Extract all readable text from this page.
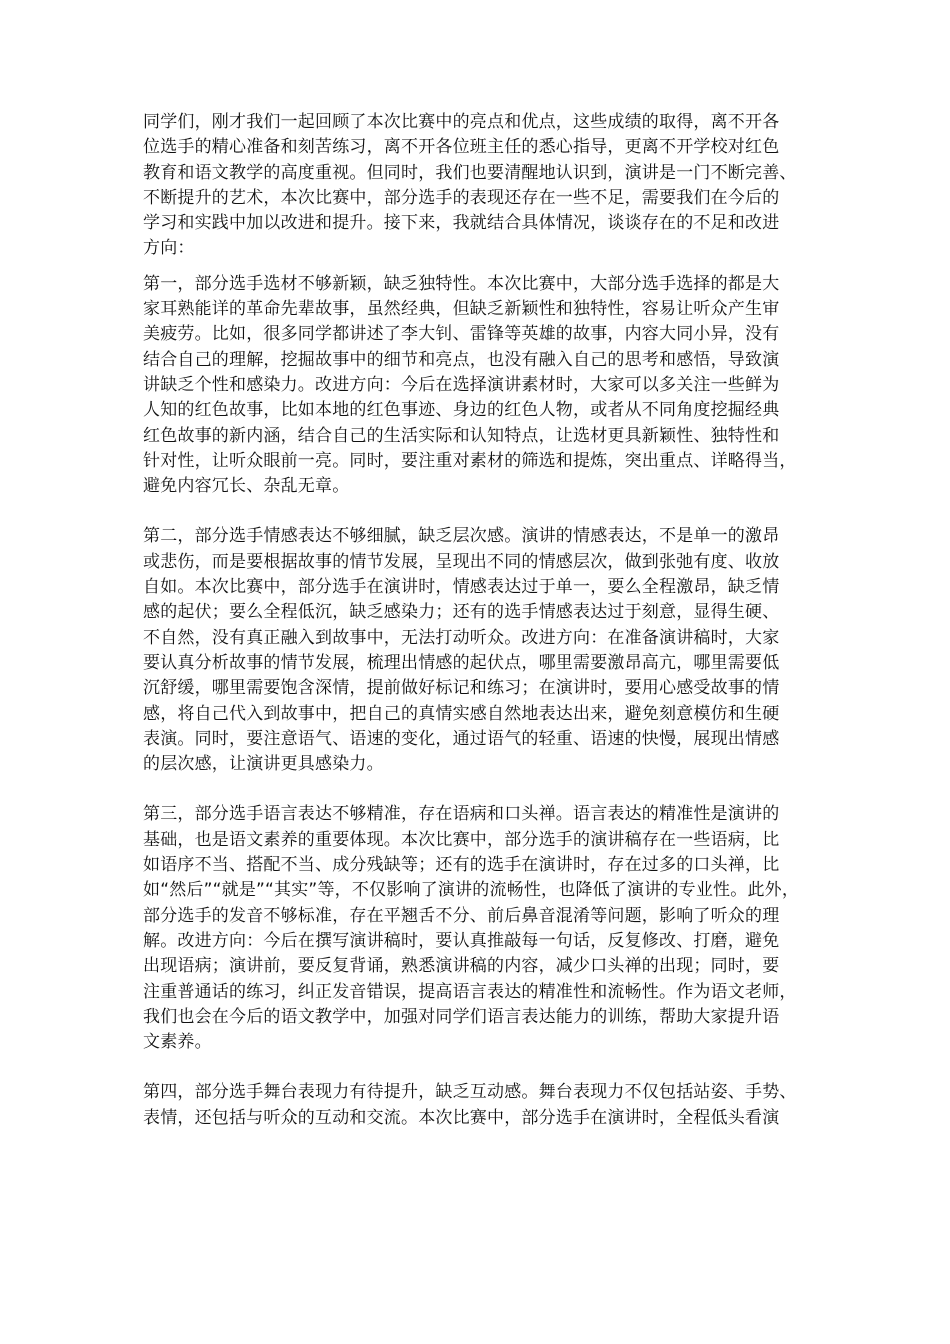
同学们，刚才我们一起回顾了本次比赛中的亮点和优点，这些成绩的取得，离不开各
位选手的精心准备和刻苦练习，离不开各位班主任的悉心指导，更离不开学校对红色
教育和语文教学的高度重视。但同时，我们也要清醒地认识到，演讲是一门不断完善、
不断提升的艺术，本次比赛中，部分选手的表现还存在一些不足，需要我们在今后的
学习和实践中加以改进和提升。接下来，我就结合具体情况，谈谈存在的不足和改进
方向：
第一，部分选手选材不够新颖，缺乏独特性。本次比赛中，大部分选手选择的都是大
家耳熟能详的革命先辈故事，虽然经典，但缺乏新颖性和独特性，容易让听众产生审
美疲劳。比如，很多同学都讲述了李大钊、雷锋等英雄的故事，内容大同小异，没有
结合自己的理解，挖掘故事中的细节和亮点，也没有融入自己的思考和感悟，导致演
讲缺乏个性和感染力。改进方向：今后在选择演讲素材时，大家可以多关注一些鲜为
人知的红色故事，比如本地的红色事迹、身边的红色人物，或者从不同角度挖掘经典
红色故事的新内涵，结合自己的生活实际和认知特点，让选材更具新颖性、独特性和
针对性，让听众眼前一亮。同时，要注重对素材的筛选和提炼，突出重点、详略得当，
避免内容冗长、杂乱无章。
第二，部分选手情感表达不够细腻，缺乏层次感。演讲的情感表达，不是单一的激昂
或悲伤，而是要根据故事的情节发展，呈现出不同的情感层次，做到张弛有度、收放
自如。本次比赛中，部分选手在演讲时，情感表达过于单一，要么全程激昂，缺乏情
感的起伏；要么全程低沉，缺乏感染力；还有的选手情感表达过于刻意，显得生硬、
不自然，没有真正融入到故事中，无法打动听众。改进方向：在准备演讲稿时，大家
要认真分析故事的情节发展，梳理出情感的起伏点，哪里需要激昂高亢，哪里需要低
沉舒缓，哪里需要饱含深情，提前做好标记和练习；在演讲时，要用心感受故事的情
感，将自己代入到故事中，把自己的真情实感自然地表达出来，避免刻意模仿和生硬
表演。同时，要注意语气、语速的变化，通过语气的轻重、语速的快慢，展现出情感
的层次感，让演讲更具感染力。
第三，部分选手语言表达不够精准，存在语病和口头禅。语言表达的精准性是演讲的
基础，也是语文素养的重要体现。本次比赛中，部分选手的演讲稿存在一些语病，比
如语序不当、搭配不当、成分残缺等；还有的选手在演讲时，存在过多的口头禅，比
如“然后”“就是”“其实”等，不仅影响了演讲的流畅性，也降低了演讲的专业性。此外，
部分选手的发音不够标准，存在平翘舌不分、前后鼻音混淆等问题，影响了听众的理
解。改进方向：今后在撰写演讲稿时，要认真推敲每一句话，反复修改、打磨，避免
出现语病；演讲前，要反复背诵，熟悉演讲稿的内容，减少口头禅的出现；同时，要
注重普通话的练习，纠正发音错误，提高语言表达的精准性和流畅性。作为语文老师，
我们也会在今后的语文教学中，加强对同学们语言表达能力的训练，帮助大家提升语
文素养。
第四，部分选手舞台表现力有待提升，缺乏互动感。舞台表现力不仅包括站姿、手势、
表情，还包括与听众的互动和交流。本次比赛中，部分选手在演讲时，全程低头看演
